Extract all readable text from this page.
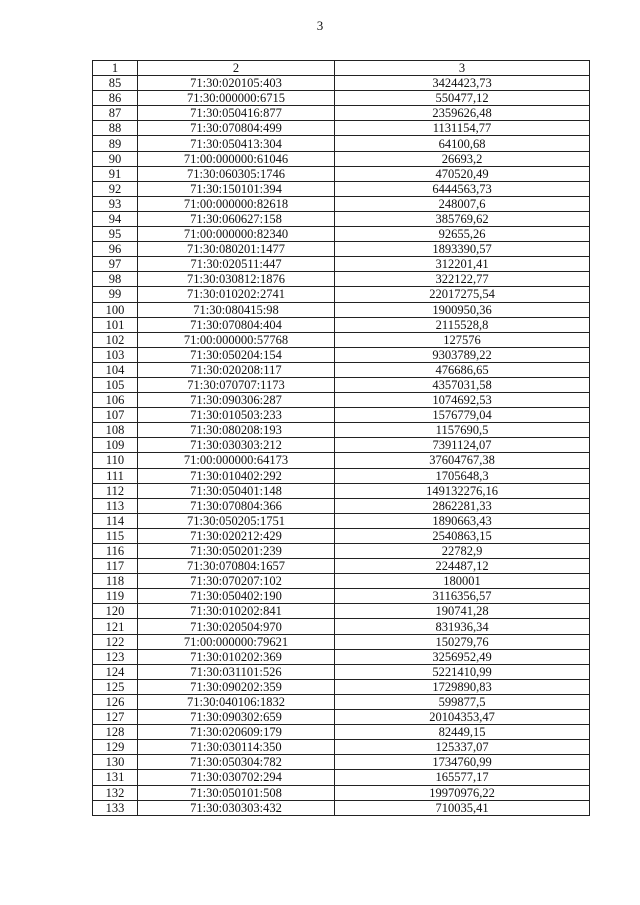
3
1	2	3
85	71:30:020105:403	3424423,73
86	71:30:000000:6715	550477,12
87	71:30:050416:877	2359626,48
88	71:30:070804:499	1131154,77
89	71:30:050413:304	64100,68
90	71:00:000000:61046	26693,2
91	71:30:060305:1746	470520,49
92	71:30:150101:394	6444563,73
93	71:00:000000:82618	248007,6
94	71:30:060627:158	385769,62
95	71:00:000000:82340	92655,26
96	71:30:080201:1477	1893390,57
97	71:30:020511:447	312201,41
98	71:30:030812:1876	322122,77
99	71:30:010202:2741	22017275,54
100	71:30:080415:98	1900950,36
101	71:30:070804:404	2115528,8
102	71:00:000000:57768	127576
103	71:30:050204:154	9303789,22
104	71:30:020208:117	476686,65
105	71:30:070707:1173	4357031,58
106	71:30:090306:287	1074692,53
107	71:30:010503:233	1576779,04
108	71:30:080208:193	1157690,5
109	71:30:030303:212	7391124,07
110	71:00:000000:64173	37604767,38
111	71:30:010402:292	1705648,3
112	71:30:050401:148	149132276,16
113	71:30:070804:366	2862281,33
114	71:30:050205:1751	1890663,43
115	71:30:020212:429	2540863,15
116	71:30:050201:239	22782,9
117	71:30:070804:1657	224487,12
118	71:30:070207:102	180001
119	71:30:050402:190	3116356,57
120	71:30:010202:841	190741,28
121	71:30:020504:970	831936,34
122	71:00:000000:79621	150279,76
123	71:30:010202:369	3256952,49
124	71:30:031101:526	5221410,99
125	71:30:090202:359	1729890,83
126	71:30:040106:1832	599877,5
127	71:30:090302:659	20104353,47
128	71:30:020609:179	82449,15
129	71:30:030114:350	125337,07
130	71:30:050304:782	1734760,99
131	71:30:030702:294	165577,17
132	71:30:050101:508	19970976,22
133	71:30:030303:432	710035,41
